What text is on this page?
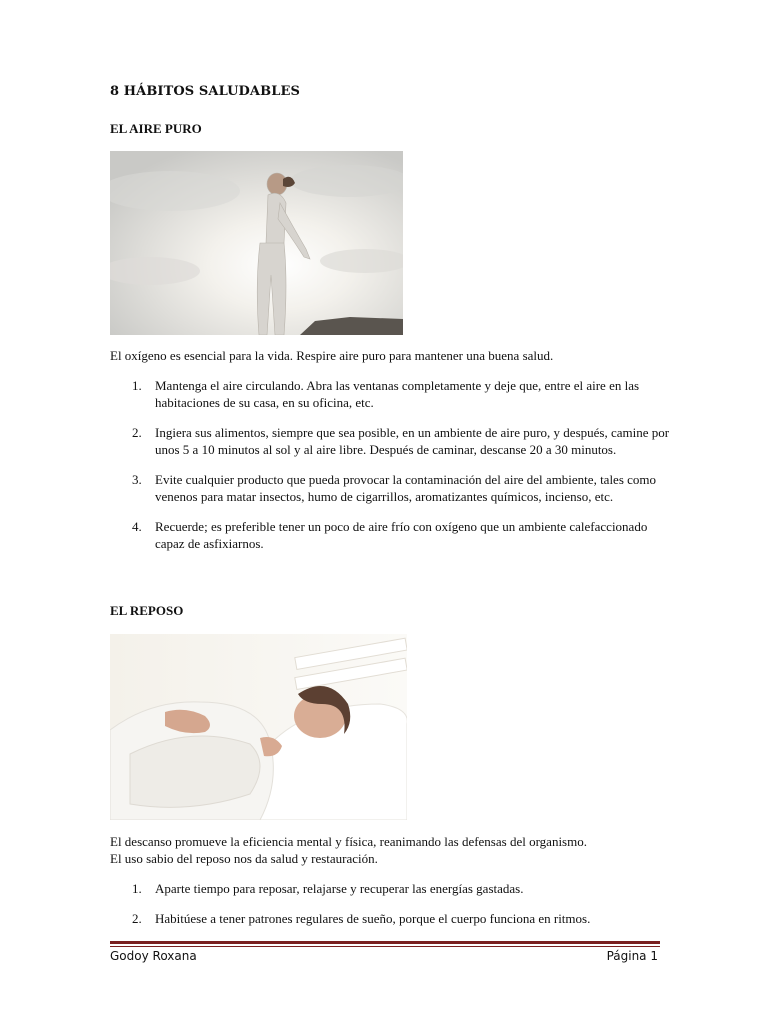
8 HÁBITOS SALUDABLES
EL AIRE PURO
El oxígeno es esencial para la vida. Respire aire puro para mantener una buena salud.
1. Mantenga el aire circulando. Abra las ventanas completamente y deje que, entre el aire en las habitaciones de su casa, en su oficina, etc.
2. Ingiera sus alimentos, siempre que sea posible, en un ambiente de aire puro, y después, camine por unos 5 a 10 minutos al sol y al aire libre. Después de caminar, descanse 20 a 30 minutos.
3. Evite cualquier producto que pueda provocar la contaminación del aire del ambiente, tales como venenos para matar insectos, humo de cigarrillos, aromatizantes químicos, incienso, etc.
4. Recuerde; es preferible tener un poco de aire frío con oxígeno que un ambiente calefaccionado capaz de asfixiarnos.
EL REPOSO
El descanso promueve la eficiencia mental y física, reanimando las defensas del organismo.
El uso sabio del reposo nos da salud y restauración.
1. Aparte tiempo para reposar, relajarse y recuperar las energías gastadas.
2. Habitúese a tener patrones regulares de sueño, porque el cuerpo funciona en ritmos.
Godoy Roxana	Página 1
